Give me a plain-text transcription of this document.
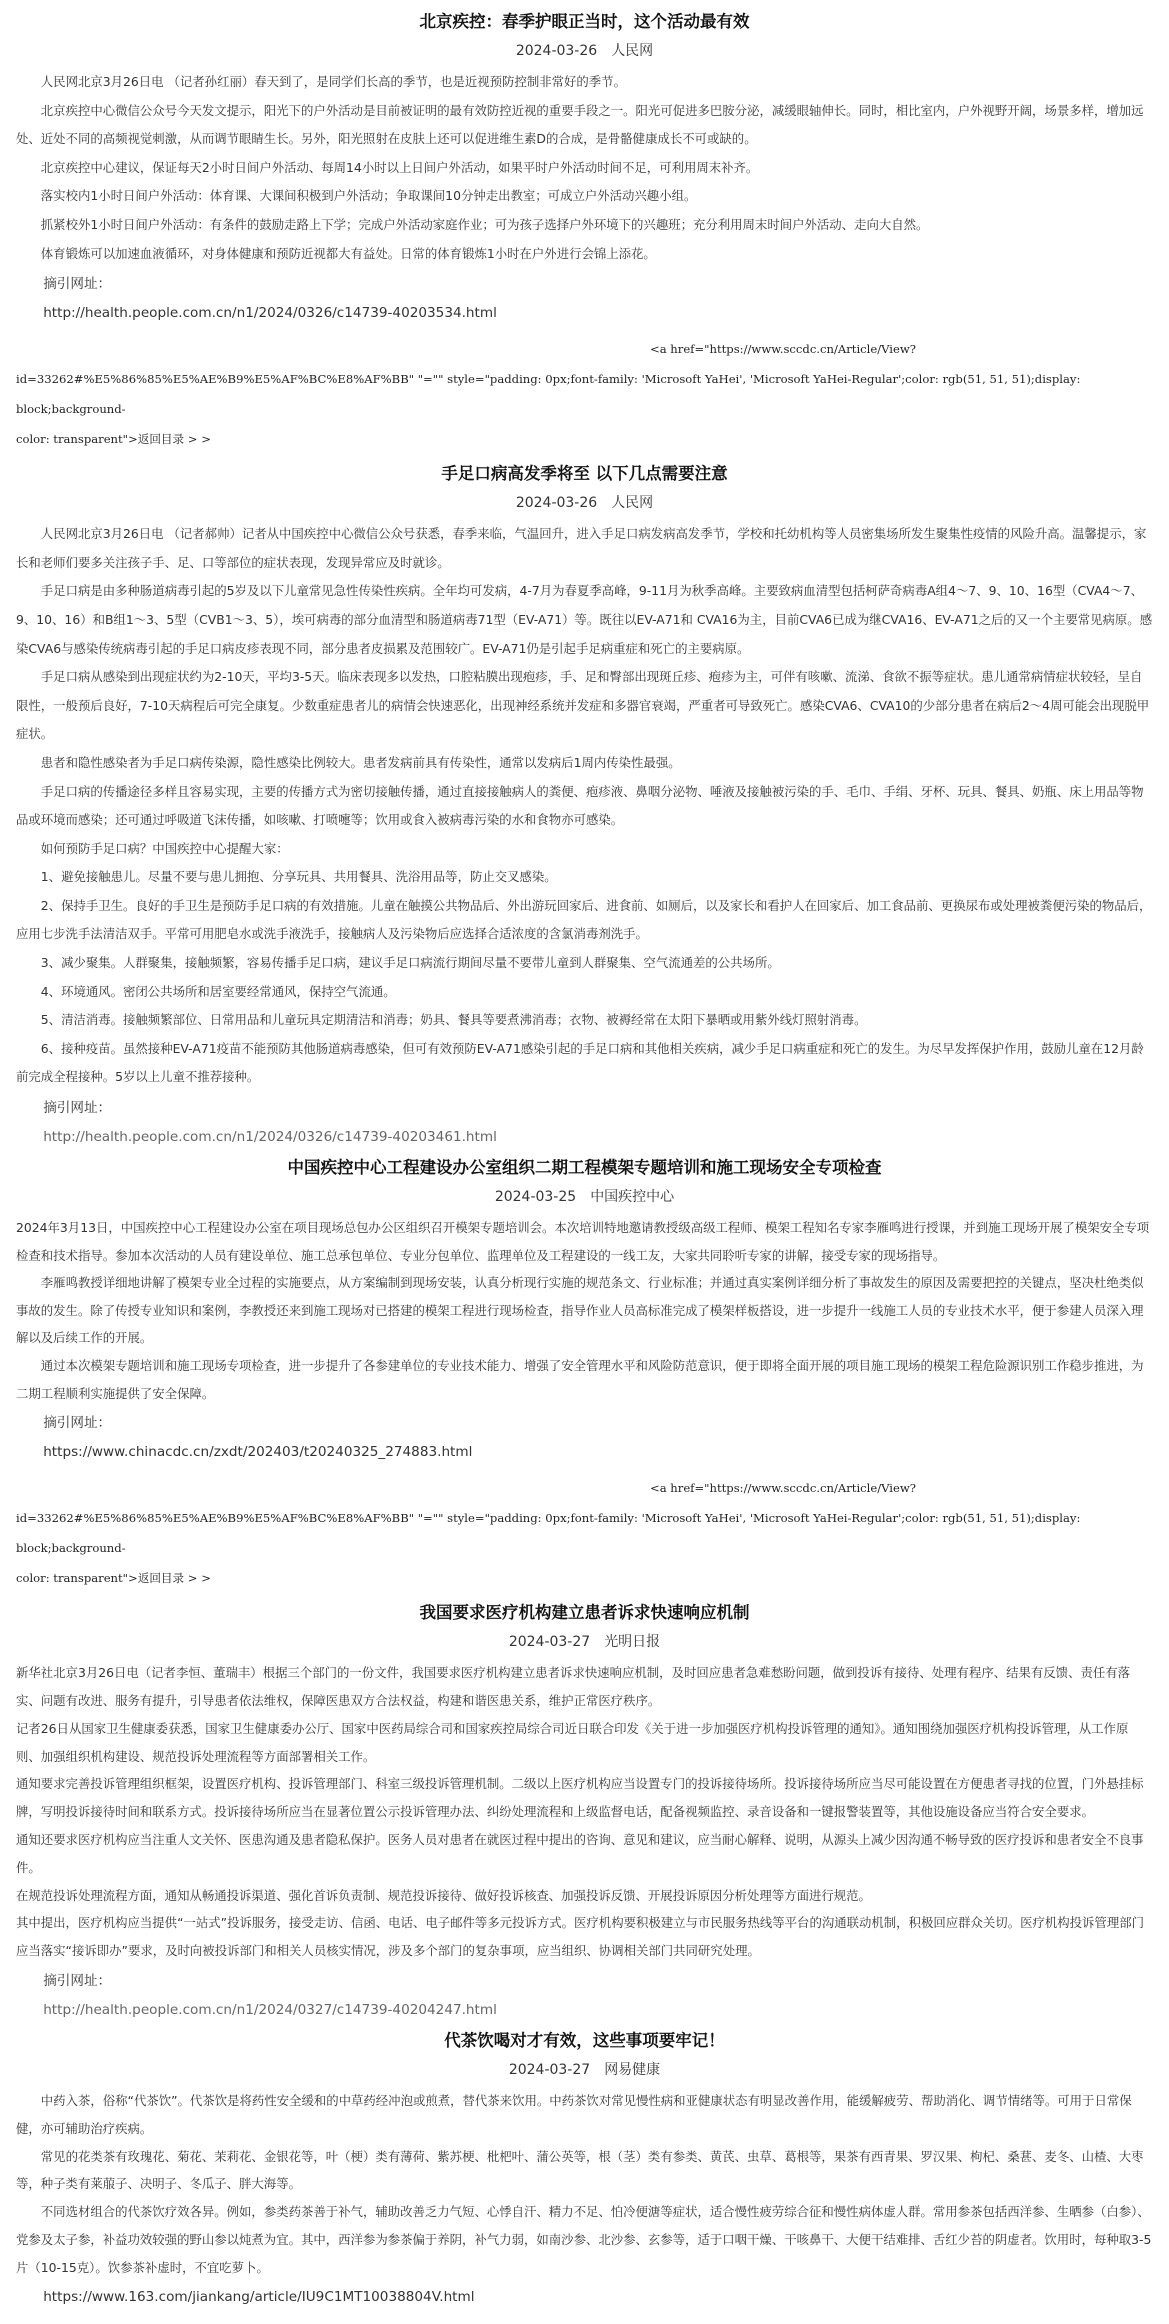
北京疾控：春季护眼正当时，这个活动最有效

2024-03-26 人民网

人民网北京3月26日电 （记者孙红丽）春天到了，是同学们长高的季节，也是近视预防控制非常好的季节。

北京疾控中心微信公众号今天发文提示，阳光下的户外活动是目前被证明的最有效防控近视的重要手段之一。阳光可促进多巴胺分泌，减缓眼轴伸长。同时，相比室内，户外视野开阔，场景多样，增加远处、近处不同的高频视觉刺激，从而调节眼睛生长。另外，阳光照射在皮肤上还可以促进维生素D的合成，是骨骼健康成长不可或缺的。

北京疾控中心建议，保证每天2小时日间户外活动、每周14小时以上日间户外活动，如果平时户外活动时间不足，可利用周末补齐。

落实校内1小时日间户外活动：体育课、大课间积极到户外活动；争取课间10分钟走出教室；可成立户外活动兴趣小组。

抓紧校外1小时日间户外活动：有条件的鼓励走路上下学；完成户外活动家庭作业；可为孩子选择户外环境下的兴趣班；充分利用周末时间户外活动、走向大自然。

体育锻炼可以加速血液循环，对身体健康和预防近视都大有益处。日常的体育锻炼1小时在户外进行会锦上添花。

摘引网址：

http://health.people.com.cn/n1/2024/0326/c14739-40203534.html

<a href="https://www.sccdc.cn/Article/View?
id=33262#%E5%86%85%E5%AE%B9%E5%AF%BC%E8%AF%BB" "="" style="padding: 0px;font-family: 'Microsoft YaHei', 'Microsoft YaHei-Regular';color: rgb(51, 51, 51);display: block;background-
color: transparent">返回目录 > >
手足口病高发季将至 以下几点需要注意

2024-03-26 人民网

人民网北京3月26日电 （记者郝帅）记者从中国疾控中心微信公众号获悉，春季来临，气温回升，进入手足口病发病高发季节，学校和托幼机构等人员密集场所发生聚集性疫情的风险升高。温馨提示，家长和老师们要多关注孩子手、足、口等部位的症状表现，发现异常应及时就诊。

手足口病是由多种肠道病毒引起的5岁及以下儿童常见急性传染性疾病。全年均可发病，4-7月为春夏季高峰，9-11月为秋季高峰。主要致病血清型包括柯萨奇病毒A组4～7、9、10、16型（CVA4～7、9、10、16）和B组1～3、5型（CVB1～3、5），埃可病毒的部分血清型和肠道病毒71型（EV-A71）等。既往以EV-A71和 CVA16为主，目前CVA6已成为继CVA16、EV-A71之后的又一个主要常见病原。感染CVA6与感染传统病毒引起的手足口病皮疹表现不同，部分患者皮损累及范围较广。EV-A71仍是引起手足病重症和死亡的主要病原。

手足口病从感染到出现症状约为2-10天，平均3-5天。临床表现多以发热，口腔粘膜出现疱疹，手、足和臀部出现斑丘疹、疱疹为主，可伴有咳嗽、流涕、食欲不振等症状。患儿通常病情症状较轻，呈自限性，一般预后良好，7-10天病程后可完全康复。少数重症患者儿的病情会快速恶化，出现神经系统并发症和多器官衰竭，严重者可导致死亡。感染CVA6、CVA10的少部分患者在病后2～4周可能会出现脱甲症状。

患者和隐性感染者为手足口病传染源，隐性感染比例较大。患者发病前具有传染性，通常以发病后1周内传染性最强。

手足口病的传播途径多样且容易实现，主要的传播方式为密切接触传播，通过直接接触病人的粪便、疱疹液、鼻咽分泌物、唾液及接触被污染的手、毛巾、手绢、牙杯、玩具、餐具、奶瓶、床上用品等物品或环境而感染；还可通过呼吸道飞沫传播，如咳嗽、打喷嚏等；饮用或食入被病毒污染的水和食物亦可感染。

如何预防手足口病？中国疾控中心提醒大家：

1、避免接触患儿。尽量不要与患儿拥抱、分享玩具、共用餐具、洗浴用品等，防止交叉感染。

2、保持手卫生。良好的手卫生是预防手足口病的有效措施。儿童在触摸公共物品后、外出游玩回家后、进食前、如厕后，以及家长和看护人在回家后、加工食品前、更换尿布或处理被粪便污染的物品后，应用七步洗手法清洁双手。平常可用肥皂水或洗手液洗手，接触病人及污染物后应选择合适浓度的含氯消毒剂洗手。

3、减少聚集。人群聚集，接触频繁，容易传播手足口病，建议手足口病流行期间尽量不要带儿童到人群聚集、空气流通差的公共场所。

4、环境通风。密闭公共场所和居室要经常通风，保持空气流通。

5、清洁消毒。接触频繁部位、日常用品和儿童玩具定期清洁和消毒；奶具、餐具等要煮沸消毒；衣物、被褥经常在太阳下暴晒或用紫外线灯照射消毒。

6、接种疫苗。虽然接种EV-A71疫苗不能预防其他肠道病毒感染，但可有效预防EV-A71感染引起的手足口病和其他相关疾病，减少手足口病重症和死亡的发生。为尽早发挥保护作用，鼓励儿童在12月龄前完成全程接种。5岁以上儿童不推荐接种。

摘引网址：

http://health.people.com.cn/n1/2024/0326/c14739-40203461.html

中国疾控中心工程建设办公室组织二期工程模架专题培训和施工现场安全专项检查

2024-03-25 中国疾控中心

2024年3月13日，中国疾控中心工程建设办公室在项目现场总包办公区组织召开模架专题培训会。本次培训特地邀请教授级高级工程师、模架工程知名专家李雁鸣进行授课，并到施工现场开展了模架安全专项检查和技术指导。参加本次活动的人员有建设单位、施工总承包单位、专业分包单位、监理单位及工程建设的一线工友，大家共同聆听专家的讲解，接受专家的现场指导。

李雁鸣教授详细地讲解了模架专业全过程的实施要点，从方案编制到现场安装，认真分析现行实施的规范条文、行业标准；并通过真实案例详细分析了事故发生的原因及需要把控的关键点，坚决杜绝类似事故的发生。除了传授专业知识和案例，李教授还来到施工现场对已搭建的模架工程进行现场检查，指导作业人员高标准完成了模架样板搭设，进一步提升一线施工人员的专业技术水平，便于参建人员深入理解以及后续工作的开展。

通过本次模架专题培训和施工现场专项检查，进一步提升了各参建单位的专业技术能力、增强了安全管理水平和风险防范意识，便于即将全面开展的项目施工现场的模架工程危险源识别工作稳步推进，为二期工程顺利实施提供了安全保障。

摘引网址：

https://www.chinacdc.cn/zxdt/202403/t20240325_274883.html

<a href="https://www.sccdc.cn/Article/View?
id=33262#%E5%86%85%E5%AE%B9%E5%AF%BC%E8%AF%BB" "="" style="padding: 0px;font-family: 'Microsoft YaHei', 'Microsoft YaHei-Regular';color: rgb(51, 51, 51);display: block;background-
color: transparent">返回目录 > >
我国要求医疗机构建立患者诉求快速响应机制

2024-03-27 光明日报

新华社北京3月26日电（记者李恒、董瑞丰）根据三个部门的一份文件，我国要求医疗机构建立患者诉求快速响应机制，及时回应患者急难愁盼问题，做到投诉有接待、处理有程序、结果有反馈、责任有落实、问题有改进、服务有提升，引导患者依法维权，保障医患双方合法权益，构建和谐医患关系，维护正常医疗秩序。

记者26日从国家卫生健康委获悉，国家卫生健康委办公厅、国家中医药局综合司和国家疾控局综合司近日联合印发《关于进一步加强医疗机构投诉管理的通知》。通知围绕加强医疗机构投诉管理，从工作原则、加强组织机构建设、规范投诉处理流程等方面部署相关工作。

通知要求完善投诉管理组织框架，设置医疗机构、投诉管理部门、科室三级投诉管理机制。二级以上医疗机构应当设置专门的投诉接待场所。投诉接待场所应当尽可能设置在方便患者寻找的位置，门外悬挂标牌，写明投诉接待时间和联系方式。投诉接待场所应当在显著位置公示投诉管理办法、纠纷处理流程和上级监督电话，配备视频监控、录音设备和一键报警装置等，其他设施设备应当符合安全要求。

通知还要求医疗机构应当注重人文关怀、医患沟通及患者隐私保护。医务人员对患者在就医过程中提出的咨询、意见和建议，应当耐心解释、说明，从源头上减少因沟通不畅导致的医疗投诉和患者安全不良事件。

在规范投诉处理流程方面，通知从畅通投诉渠道、强化首诉负责制、规范投诉接待、做好投诉核查、加强投诉反馈、开展投诉原因分析处理等方面进行规范。

其中提出，医疗机构应当提供“一站式”投诉服务，接受走访、信函、电话、电子邮件等多元投诉方式。医疗机构要积极建立与市民服务热线等平台的沟通联动机制，积极回应群众关切。医疗机构投诉管理部门应当落实“接诉即办”要求，及时向被投诉部门和相关人员核实情况，涉及多个部门的复杂事项，应当组织、协调相关部门共同研究处理。

摘引网址：

http://health.people.com.cn/n1/2024/0327/c14739-40204247.html

代茶饮喝对才有效，这些事项要牢记！

2024-03-27 网易健康

中药入茶，俗称“代茶饮”。代茶饮是将药性安全缓和的中草药经冲泡或煎煮，替代茶来饮用。中药茶饮对常见慢性病和亚健康状态有明显改善作用，能缓解疲劳、帮助消化、调节情绪等。可用于日常保健，亦可辅助治疗疾病。

常见的花类茶有玫瑰花、菊花、茉莉花、金银花等，叶（梗）类有薄荷、紫苏梗、枇杷叶、蒲公英等，根（茎）类有参类、黄芪、虫草、葛根等，果茶有西青果、罗汉果、枸杞、桑葚、麦冬、山楂、大枣等，种子类有莱菔子、决明子、冬瓜子、胖大海等。

不同选材组合的代茶饮疗效各异。例如，参类药茶善于补气，辅助改善乏力气短、心悸自汗、精力不足、怕冷便溏等症状，适合慢性疲劳综合征和慢性病体虚人群。常用参茶包括西洋参、生晒参（白参）、党参及太子参，补益功效较强的野山参以炖煮为宜。其中，西洋参为参茶偏于养阴，补气力弱，如南沙参、北沙参、玄参等，适于口咽干燥、干咳鼻干、大便干结难排、舌红少苔的阴虚者。饮用时，每种取3-5片（10-15克）。饮参茶补虚时，不宜吃萝卜。

https://www.163.com/jiankang/article/IU9C1MT10038804V.html
